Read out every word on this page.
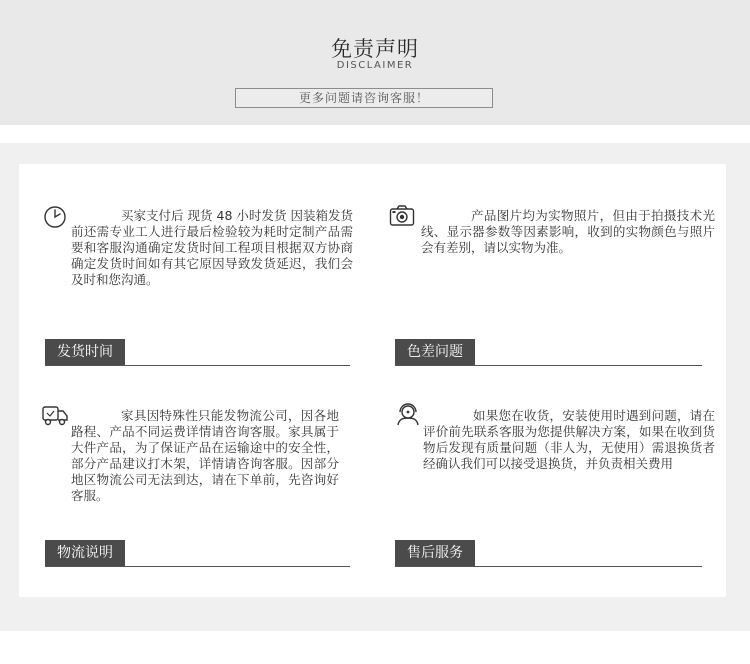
免责声明
DISCLAIMER
更多问题请咨询客服！
买家支付后 现货 48 小时发货 因装箱发货前还需专业工人进行最后检验较为耗时定制产品需要和客服沟通确定发货时间工程项目根据双方协商确定发货时间如有其它原因导致发货延迟，我们会及时和您沟通。
发货时间
产品图片均为实物照片，但由于拍摄技术光线、显示器参数等因素影响，收到的实物颜色与照片会有差别，请以实物为准。
色差问题
家具因特殊性只能发物流公司，因各地路程、产品不同运费详情请咨询客服。家具属于大件产品，为了保证产品在运输途中的安全性，部分产品建议打木架，详情请咨询客服。因部分地区物流公司无法到达，请在下单前，先咨询好客服。
物流说明
如果您在收货，安装使用时遇到问题，请在评价前先联系客服为您提供解决方案，如果在收到货物后发现有质量问题（非人为，无使用）需退换货者经确认我们可以接受退换货，并负责相关费用
售后服务
